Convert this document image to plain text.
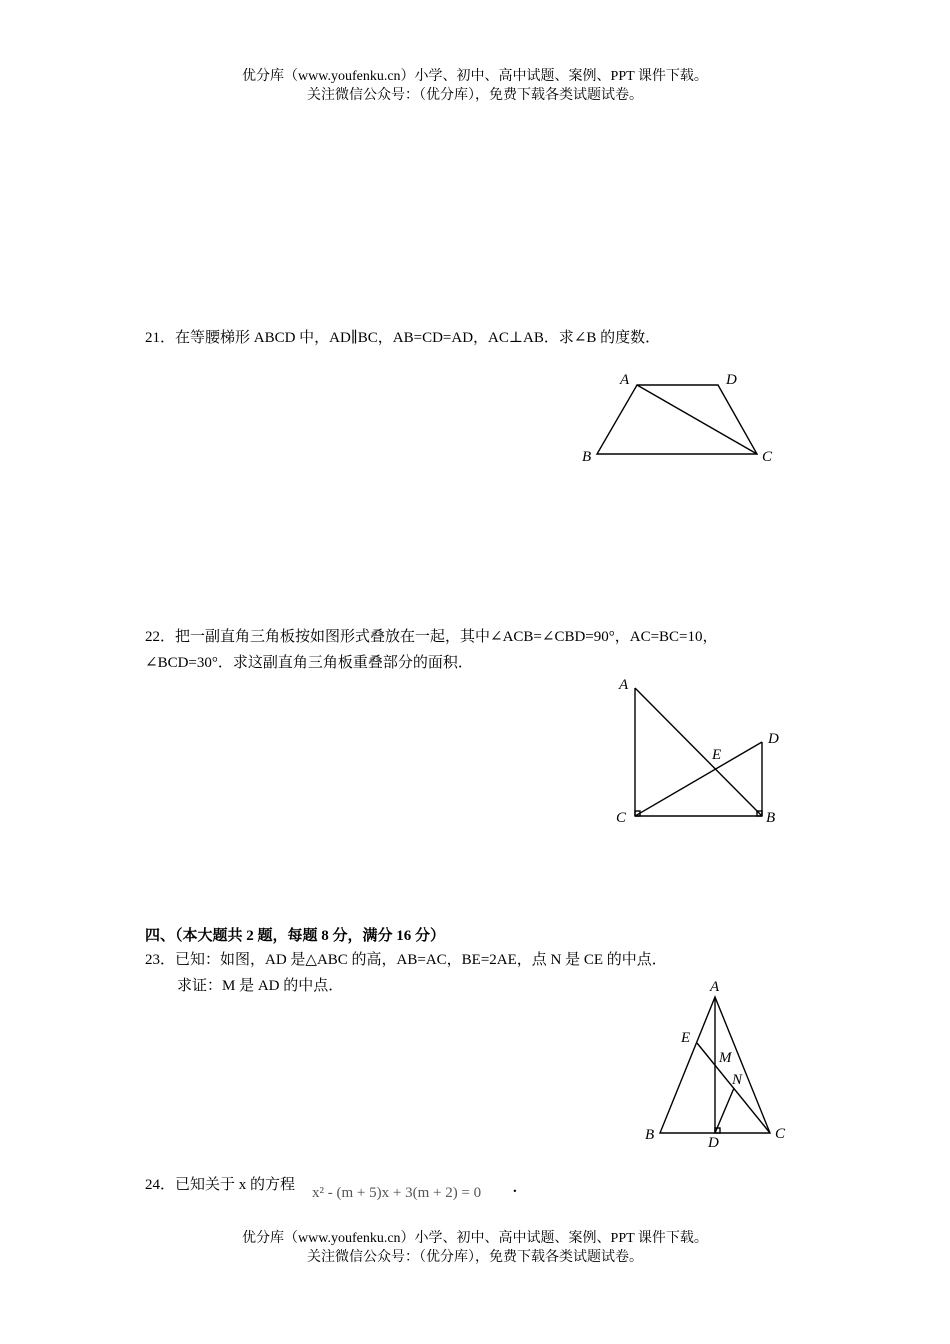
优分库（www.youfenku.cn）小学、初中、高中试题、案例、PPT 课件下载。
关注微信公众号：（优分库），免费下载各类试题试卷。
21．在等腰梯形 ABCD 中，AD∥BC，AB=CD=AD，AC⊥AB．求∠B 的度数．
A	D
B	C
22．把一副直角三角板按如图形式叠放在一起，其中∠ACB=∠CBD=90°，AC=BC=10，
∠BCD=30°．求这副直角三角板重叠部分的面积．
A
D
E
C	B
四、（本大题共 2 题，每题 8 分，满分 16 分）
23．已知：如图，AD 是△ABC 的高，AB=AC，BE=2AE，点 N 是 CE 的中点．
求证：M 是 AD 的中点．	A
E
M
N
B	D
C
24．已知关于 x 的方程 x² - (m + 5)x + 3(m + 2) = 0 .
优分库（www.youfenku.cn）小学、初中、高中试题、案例、PPT 课件下载。
关注微信公众号：（优分库），免费下载各类试题试卷。
